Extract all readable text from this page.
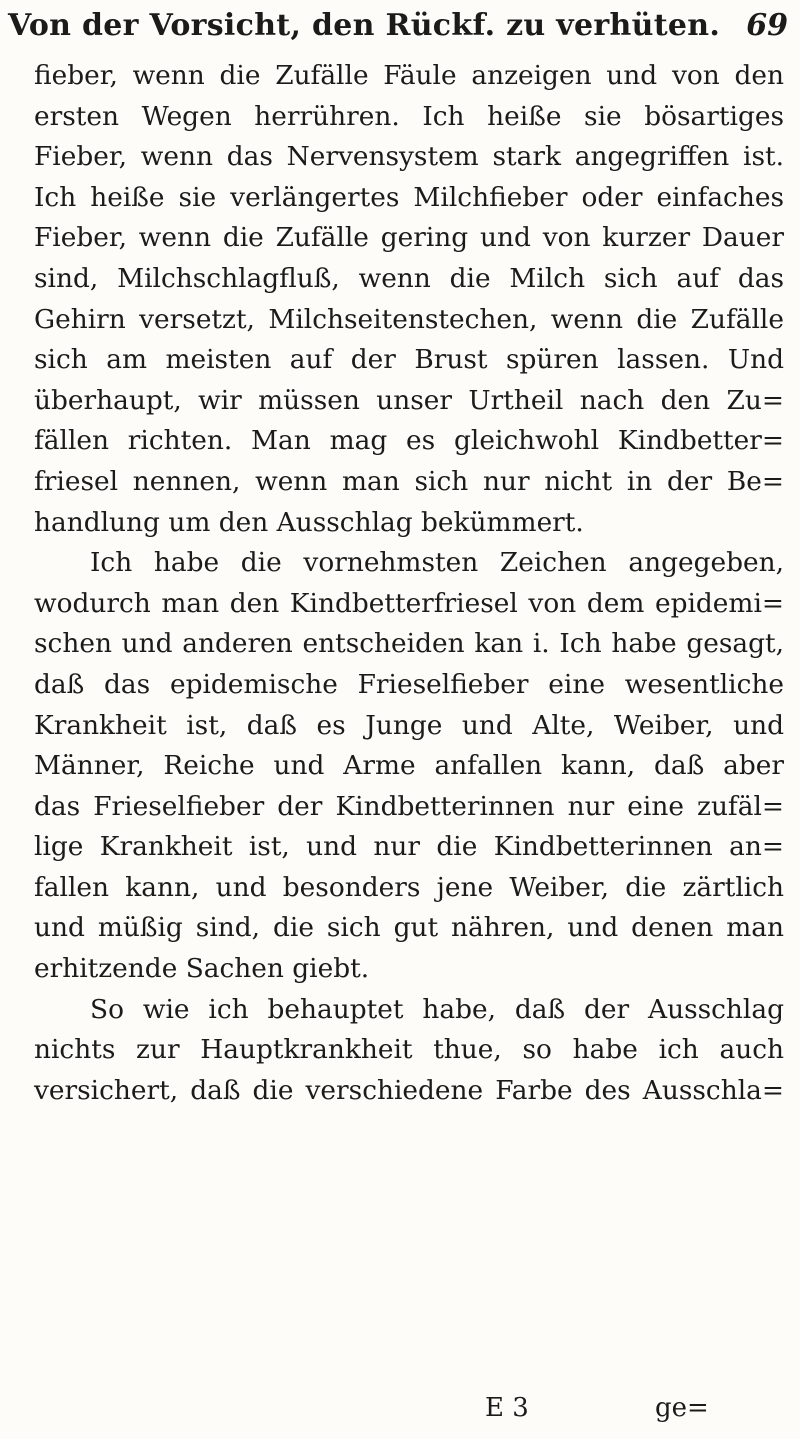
Von der Vorsicht, den Rückf. zu verhüten. 69
fieber, wenn die Zufälle Fäule anzeigen und von den
ersten Wegen herrühren. Ich heiße sie bösartiges
Fieber, wenn das Nervensystem stark angegriffen ist.
Ich heiße sie verlängertes Milchfieber oder einfaches
Fieber, wenn die Zufälle gering und von kurzer Dauer
sind, Milchschlagfluß, wenn die Milch sich auf das
Gehirn versetzt, Milchseitenstechen, wenn die Zufälle
sich am meisten auf der Brust spüren lassen. Und
überhaupt, wir müssen unser Urtheil nach den Zu=
fällen richten. Man mag es gleichwohl Kindbetter=
friesel nennen, wenn man sich nur nicht in der Be=
handlung um den Ausschlag bekümmert.
Ich habe die vornehmsten Zeichen angegeben,
wodurch man den Kindbetterfriesel von dem epidemi=
schen und anderen entscheiden kan i. Ich habe gesagt,
daß das epidemische Frieselfieber eine wesentliche
Krankheit ist, daß es Junge und Alte, Weiber, und
Männer, Reiche und Arme anfallen kann, daß aber
das Frieselfieber der Kindbetterinnen nur eine zufäl=
lige Krankheit ist, und nur die Kindbetterinnen an=
fallen kann, und besonders jene Weiber, die zärtlich
und müßig sind, die sich gut nähren, und denen man
erhitzende Sachen giebt.
So wie ich behauptet habe, daß der Ausschlag
nichts zur Hauptkrankheit thue, so habe ich auch
versichert, daß die verschiedene Farbe des Ausschla=
E 3	ge=
